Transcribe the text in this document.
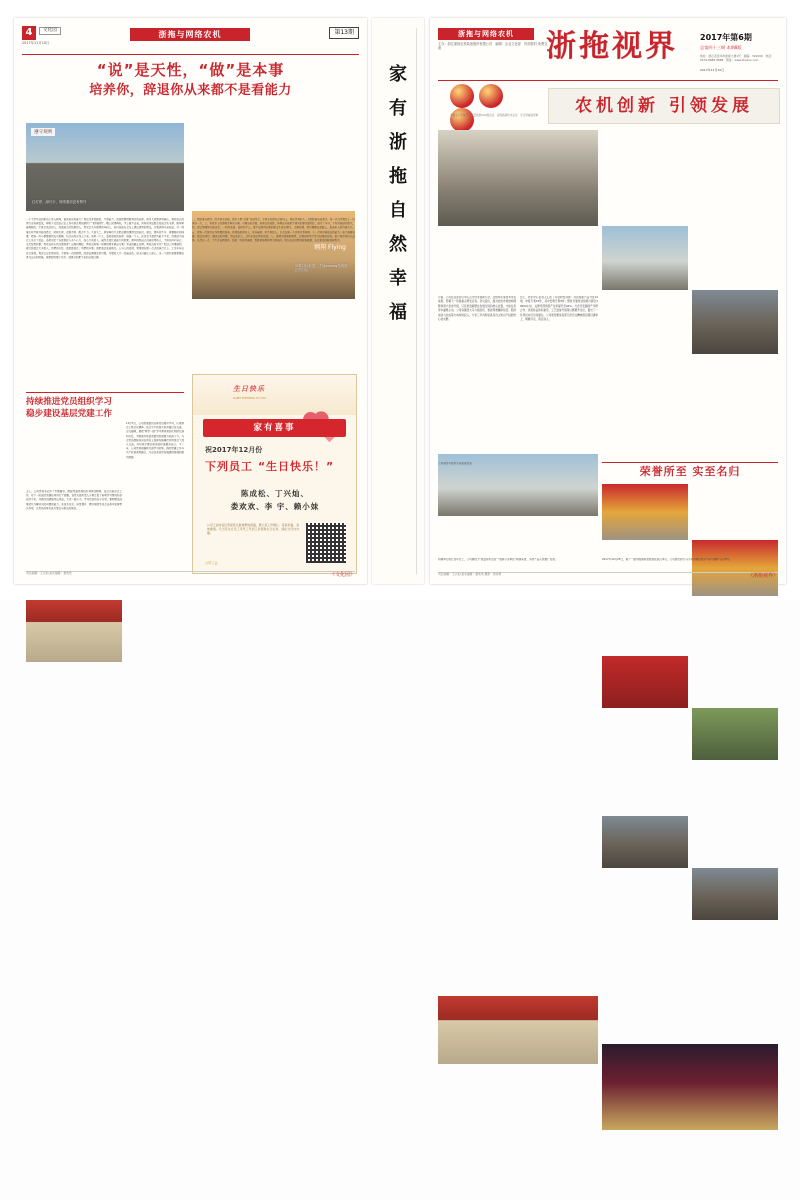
4	文化园
2017年11月10日
浙拖与网络农机	第13期
“说”是天性，“做”是本事
培养你，辞退你从来都不是看能力
遵守规则
红灯停、绿灯行，规则面前没有例外
翱翔 Flying
向着目标前进，才能among得到真正的自由
一个大学毕业的新员工进入职场，谁说他没有能力？真正拉开差距的，不是能力，而是把事情做到位的态度。很多人抱怨领导偏心，抱怨自己的努力没有被看见，却很少反思自己在工作中是否真的做到了“说到做到”。嘴上说得再好，手上做不出来，所有的承诺都会变成空头支票。职场里最稀缺的，不是会表达的人，而是能交付结果的人。我见过太多聪明的年轻人，他们总能在会议上提出漂亮的想法，方案讲得天花乱坠，可一到落实环节就开始找借口：时间太紧、资源不够、配合不力。久而久之，领导再也不会把重要的事情交给他们。相反，那些话不多、做事踏实的同事，把每一件小事都做到无可挑剔，机会自然会找上门来。培养一个人，看的是他的态度；辞退一个人，往往也不是因为能力不足，而是因为他让人失去了信任。态度决定了你愿意投入多少心力，而心力的投入，最终会转化成能力的积累。那些抱怨自己没被重用的人，不妨先问问自己：交代给我的事，我有没有主动反馈进度？出现问题时，我有没有第一时间说明并提出方案？承诺的截止日期，我有没有守住？把这三件事做到，就已经胜过大多数人。所谓的天性，是愿意表达；所谓的本事，是把表达变成现实。人与人的差别，常常就在那一点点的执行力上。工作多年以后会发现，真正让你走得远的，不是某一次的聪明，而是长期稳定的可靠。可靠的人不一定最出色，但永远最让人放心。当一个团队需要把硬任务交出去的时候，被想起的那个名字，就是你积累下来的全部口碑。
二、把标准当底线，而不是天花板。很多人把“合格”当成终点，于是永远停在合格线上。真正优秀的人，会把标准当成起点，每一次交付都比上一次更好一点。三、先把手上的事做完再谈兴趣。兴趣当然重要，但职业的成熟，体现在你能把不喜欢的事也做到位。做完了本分，才有谈偏好的底气。四、别让情绪替你做决定。一时的委屈、临时的不公，都不值得用长期的职业生涯去赌气。冷静处理，把问题摆在桌面上，是成年人的沟通方式。五、把每一次批评当作免费的咨询。听得进批评的人，进步最快；听不进的人，只会在同一个坑里反复摔倒。六、打造可被验证的能力。能力需要证据：做过的项目、解决过的问题、带出来的人。这些东西会替你说话。七、保持对结果的敬畏。过程的辛苦不等于结果的价值，客户和市场只认结果。认清这一点，才不会自我感动。结语：所有的体面，都是背地里的努力换来的。愿你在该沉默的时候做事，在该说话的时候有底气。
持续推进党员组织学习
稳步建设基层党建工作
11月7日，公司党委组织全体党员集中学习，认真领会上级会议精神，结合生产经营实际开展讨论交流。会议强调，要把“两学一做”学习教育常态化制度化落到实处，不断提升基层党组织的凝聚力和战斗力。与会党员围绕如何在岗位上发挥先锋模范作用进行了深入交流，纷纷表示要以更高的标准要求自己。下一步，公司党委将继续完善学习机制，推动党建工作与生产经营深度融合，为企业高质量发展提供坚强的组织保障。
会上，公司党委书记作了专题辅导，围绕党章党规和系列讲话精神，结合当前重点工作，对下一阶段的党建任务进行了部署。各党支部负责人分别汇报了前期学习情况和存在的不足，并就改进措施作出承诺。大家一致认为，学习的目的在于应用，要把理论成果转化为解决实际问题的能力，在技术攻关、质量提升、降本增效等重点任务中发挥带头作用，让党员的身份成为责任与担当的象征。
生日快乐
HAPPY BIRTHDAY TO YOU
家有喜事
祝2017年12月份
下列员工 “生日快乐！”
陈成松、丁兴灿、
娄欢欢、李 宇、赖小妹
公司工会向各位寿星致以最诚挚的祝福，愿大家工作顺心、家庭幸福、身体健康。凡当月生日员工可凭工号到工会领取生日礼券，请在当月内办理。
公司工会
责任编辑：王兴灿 美术编辑：娄欢欢	《文化园》
家
有
浙
拖
自
然
幸
福
浙拖与网络农机
主办：浙江浙拖农机装备股份有限公司　编辑：企业文化部　内部资料 免费交流	浙拖视界	2017年第6期
总第四十三期 本期8版
地址：浙江省金华市浙拖大道1号　邮编：321000　电话：0579-8888 8888　网址：www.zhetuo.com
2017年11月10日
中国农业机械行业质量信誉AAA级企业 · 省级高新技术企业 · 守合同重信用单位
农机创新 引领发展
日前，公司在总部会议中心召开技术创新大会，总结本年度技术攻关成果，部署下一阶段重点研发任务。会议指出，面对农机市场结构调整和用户需求升级，只有把创新摆在发展全局的核心位置，才能在竞争中赢得主动。公司将围绕大马力拖拉机、智能驾驶辅助系统、低排放动力总成等方向持续投入，力争三年内形成具有自主知识产权的核心技术群。
会上，技术中心负责人汇报了年度研发进展：共完成新产品开发12项，申报专利23件，其中发明专利8件；整机可靠性试验累计超过20000小时，关键零部件国产化率提升至92%。与会代表围绕产学研合作、试验验证体系建设、工艺装备升级等议题展开讨论，提出了一系列切实可行的建议。公司领导要求各部门把会议精神落到项目清单上，明确节点、责任到人。
公司领导与技术专家座谈交流
荣誉所至 实至名归
2017年10月25日，第十一届中国国际农机展在武汉举行，公司展出的大马力系列拖拉机获“用户信赖产品”称号。
同期举行的行业年会上，公司被授予“质量标杆企业”“创新示范单位”两项荣誉，多款产品入选推广目录。
责任编辑：王兴灿 美术编辑：娄欢欢 摄影：周家明	《浙拖视界》
